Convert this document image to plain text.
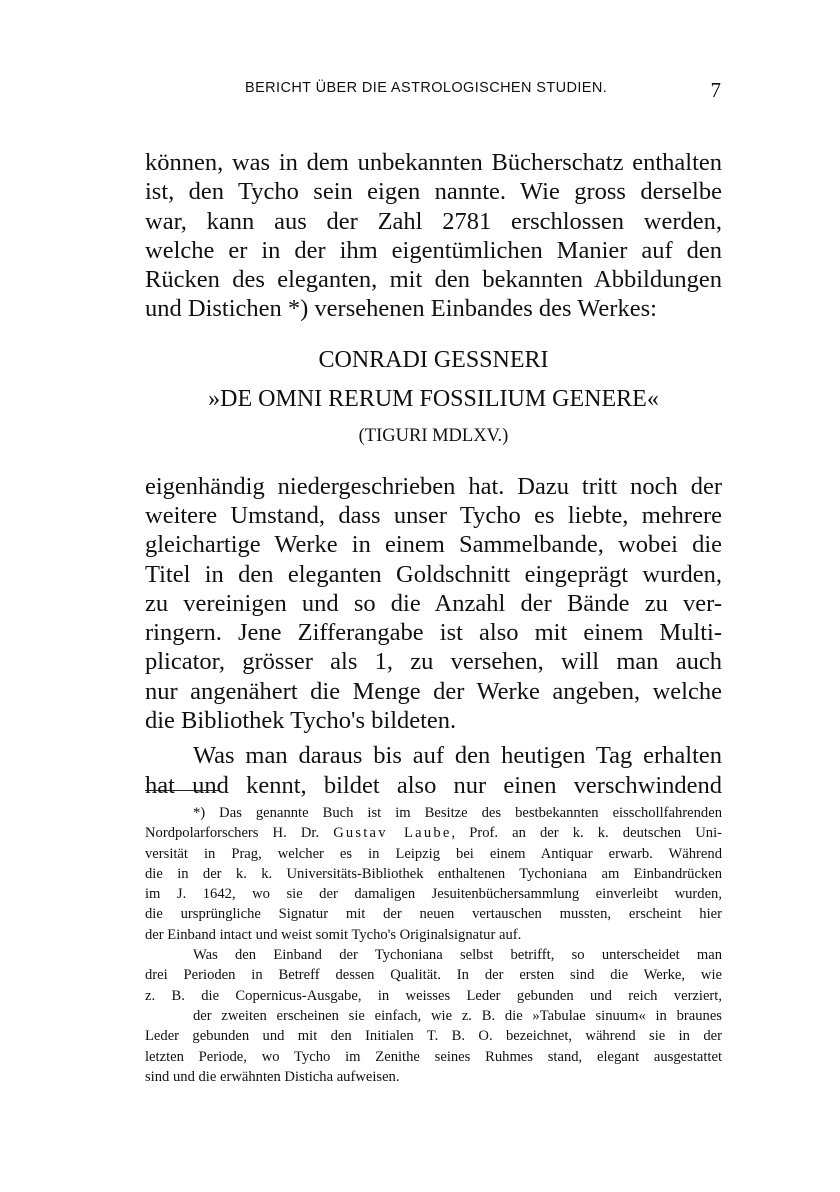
BERICHT ÜBER DIE ASTROLOGISCHEN STUDIEN.	7
können, was in dem unbekannten Bücherschatz enthalten
ist, den Tycho sein eigen nannte. Wie gross derselbe
war, kann aus der Zahl 2781 erschlossen werden,
welche er in der ihm eigentümlichen Manier auf den
Rücken des eleganten, mit den bekannten Abbildungen
und Distichen *) versehenen Einbandes des Werkes:
CONRADI GESSNERI
»DE OMNI RERUM FOSSILIUM GENERE«
(TIGURI MDLXV.)
eigenhändig niedergeschrieben hat. Dazu tritt noch der
weitere Umstand, dass unser Tycho es liebte, mehrere
gleichartige Werke in einem Sammelbande, wobei die
Titel in den eleganten Goldschnitt eingeprägt wurden,
zu vereinigen und so die Anzahl der Bände zu ver-
ringern. Jene Zifferangabe ist also mit einem Multi-
plicator, grösser als 1, zu versehen, will man auch
nur angenähert die Menge der Werke angeben, welche
die Bibliothek Tycho's bildeten.
Was man daraus bis auf den heutigen Tag erhalten
hat und kennt, bildet also nur einen verschwindend
*) Das genannte Buch ist im Besitze des bestbekannten eisschollfahrenden
Nordpolarforschers H. Dr. Gustav Laube, Prof. an der k. k. deutschen Uni-
versität in Prag, welcher es in Leipzig bei einem Antiquar erwarb. Während
die in der k. k. Universitäts-Bibliothek enthaltenen Tychoniana am Einbandrücken
im J. 1642, wo sie der damaligen Jesuitenbüchersammlung einverleibt wurden,
die ursprüngliche Signatur mit der neuen vertauschen mussten, erscheint hier
der Einband intact und weist somit Tycho's Originalsignatur auf.
Was den Einband der Tychoniana selbst betrifft, so unterscheidet man
drei Perioden in Betreff dessen Qualität. In der ersten sind die Werke, wie
z. B. die Copernicus-Ausgabe, in weisses Leder gebunden und reich verziert,
der zweiten erscheinen sie einfach, wie z. B. die »Tabulae sinuum« in braunes
Leder gebunden und mit den Initialen T. B. O. bezeichnet, während sie in der
letzten Periode, wo Tycho im Zenithe seines Ruhmes stand, elegant ausgestattet
sind und die erwähnten Disticha aufweisen.
